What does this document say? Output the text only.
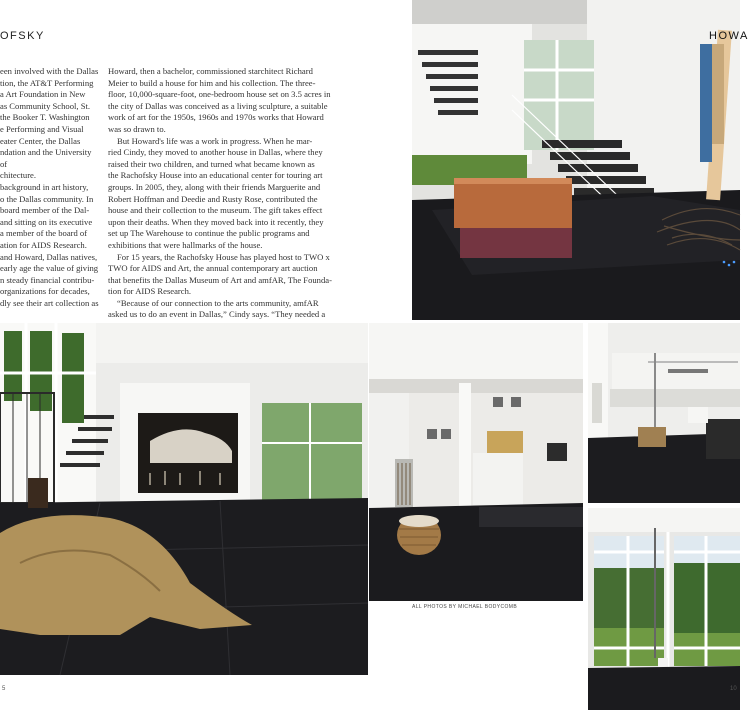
OFSKY

een involved with the Dallas
tion, the AT&T Performing
a Art Foundation in New
as Community School, St.
the Booker T. Washington
e Performing and Visual
eater Center, the Dallas
ndation and the University of
chitecture.

background in art history,
o the Dallas community. In
board member of the Dal-
and sitting on its executive
a member of the board of
ation for AIDS Research.
and Howard, Dallas natives,
early age the value of giving
n steady financial contribu-
organizations for decades,
dly see their art collection as

Howard, then a bachelor, commissioned starchitect Richard
Meier to build a house for him and his collection. The three-
floor, 10,000-square-foot, one-bedroom house set on 3.5 acres in
the city of Dallas was conceived as a living sculpture, a suitable
work of art for the 1950s, 1960s and 1970s works that Howard
was so drawn to.

But Howard's life was a work in progress. When he mar-
ried Cindy, they moved to another house in Dallas, where they
raised their two children, and turned what became known as
the Rachofsky House into an educational center for touring art
groups. In 2005, they, along with their friends Marguerite and
Robert Hoffman and Deedie and Rusty Rose, contributed the
house and their collection to the museum. The gift takes effect
upon their deaths. When they moved back into it recently, they
set up The Warehouse to continue the public programs and
exhibitions that were hallmarks of the house.

For 15 years, the Rachofsky House has played host to TWO x
TWO for AIDS and Art, the annual contemporary art auction
that benefits the Dallas Museum of Art and amfAR, The Founda-
tion for AIDS Research.

“Because of our connection to the arts community, amfAR
asked us to do an event in Dallas,” Cindy says. “They needed a

HOWA
ALL PHOTOS BY MICHAEL BODYCOMB
5	10
